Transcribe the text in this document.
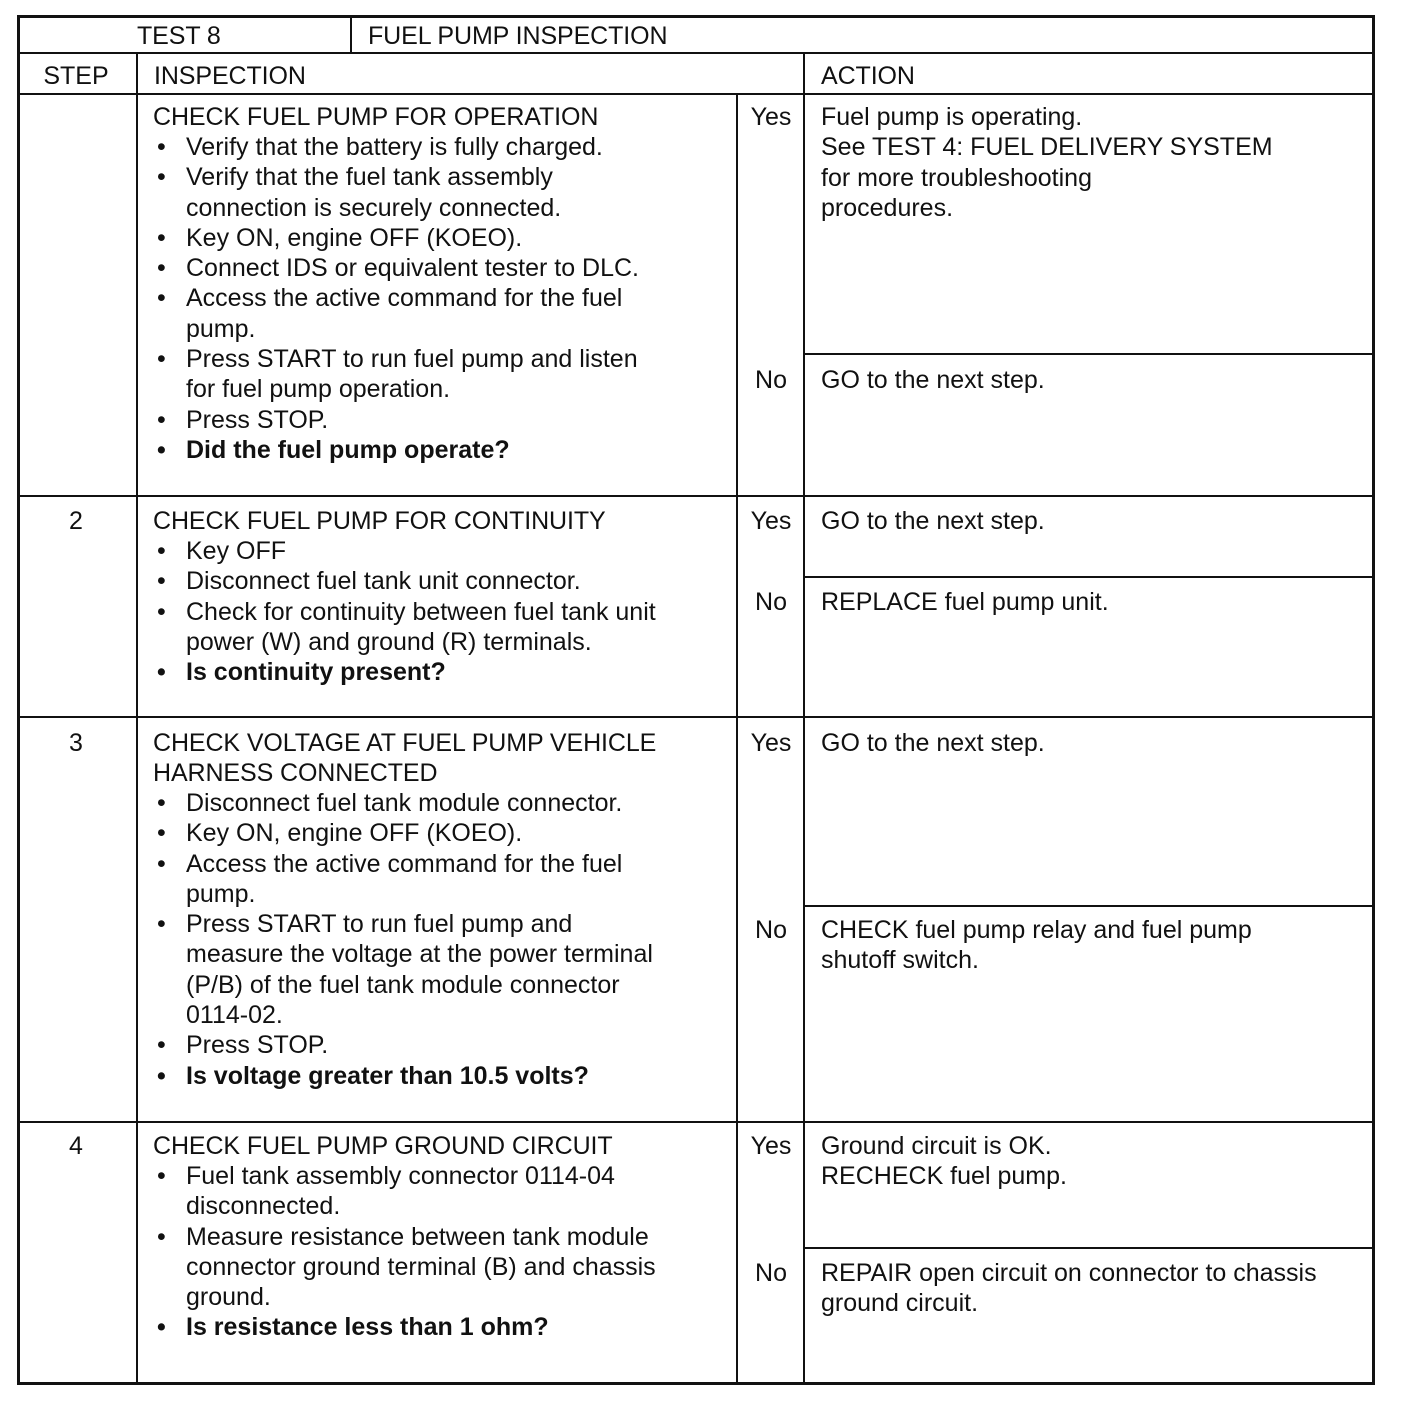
TEST 8	FUEL PUMP INSPECTION
STEP	INSPECTION	ACTION
CHECK FUEL PUMP FOR OPERATION
• Verify that the battery is fully charged.
• Verify that the fuel tank assembly
connection is securely connected.
• Key ON, engine OFF (KOEO).
• Connect IDS or equivalent tester to DLC.
• Access the active command for the fuel
pump.
• Press START to run fuel pump and listen
for fuel pump operation.
• Press STOP.
• Did the fuel pump operate?
Yes	Fuel pump is operating.
See TEST 4: FUEL DELIVERY SYSTEM
for more troubleshooting
procedures.
No	GO to the next step.
2	CHECK FUEL PUMP FOR CONTINUITY
• Key OFF
• Disconnect fuel tank unit connector.
• Check for continuity between fuel tank unit
power (W) and ground (R) terminals.
• Is continuity present?
Yes	GO to the next step.
No	REPLACE fuel pump unit.
3	CHECK VOLTAGE AT FUEL PUMP VEHICLE
HARNESS CONNECTED
• Disconnect fuel tank module connector.
• Key ON, engine OFF (KOEO).
• Access the active command for the fuel
pump.
• Press START to run fuel pump and
measure the voltage at the power terminal
(P/B) of the fuel tank module connector
0114-02.
• Press STOP.
• Is voltage greater than 10.5 volts?
Yes	GO to the next step.
No	CHECK fuel pump relay and fuel pump
shutoff switch.
4	CHECK FUEL PUMP GROUND CIRCUIT
• Fuel tank assembly connector 0114-04
disconnected.
• Measure resistance between tank module
connector ground terminal (B) and chassis
ground.
• Is resistance less than 1 ohm?
Yes	Ground circuit is OK.
RECHECK fuel pump.
No	REPAIR open circuit on connector to chassis
ground circuit.
